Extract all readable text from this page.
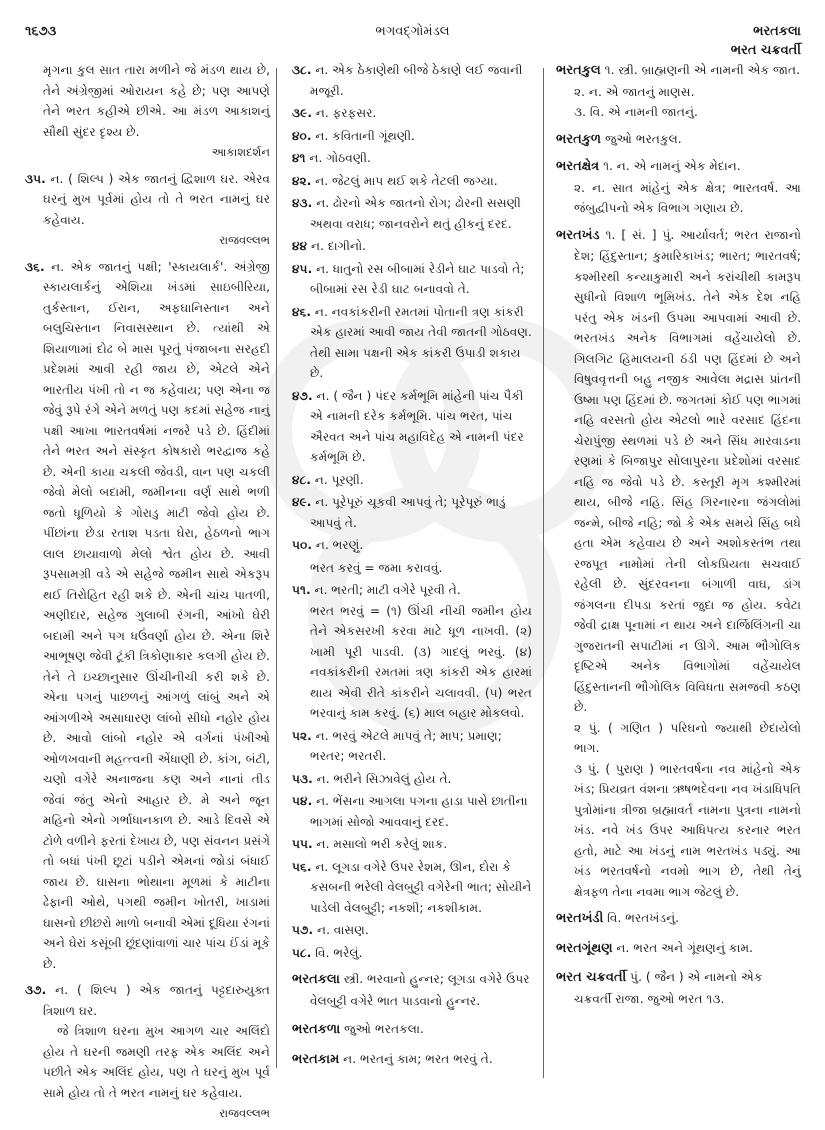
૧૬૭૩	ભગવદ્ગોમંડલ	ભરતકલા
ભરત ચક્રવર્તી

મૃગના કુલ સાત તારા મળીને જે મંડળ થાય છે, તેને અંગ્રેજીમાં ઓરાયન કહે છે; પણ આપણે તેને ભરત કહીએ છીએ. આ મંડળ આકાશનું સૌથી સુંદર દૃશ્ય છે.

આકાશદર્શન

૩૫. ન. ( શિલ્પ ) એક જાતનું દ્વિશાળ ઘર. એરવ ઘરનું મુખ પૂર્વમાં હોય તો તે ભરત નામનું ઘર કહેવાય.

રાજવલ્લભ

૩૬. ન. એક જાતનું પક્ષી; 'સ્કાયલાર્ક'. અંગ્રેજી સ્કાયલાર્કનું એશિયા ખંડમાં સાઇબીરિયા, તુર્કસ્તાન, ઈરાન, અફઘાનિસ્તાન અને બલુચિસ્તાન નિવાસસ્થાન છે. ત્યાંથી એ શિયાળામાં દોઢ બે માસ પૂરતું પંજાબના સરહદી પ્રદેશમાં આવી રહી જાય છે, એટલે એને ભારતીય પંખી તો ન જ કહેવાય; પણ એના જ જેવું રૂપે રંગે એને મળતું પણ કદમાં સહેજ નાનું પક્ષી આખા ભારતવર્ષમાં નજરે પડે છે. હિંદીમાં તેને ભરત અને સંસ્કૃત કોષકારો ભરદ્વાજ કહે છે. એની કાયા ચકલી જેવડી, વાન પણ ચકલી જેવો મેલો બદામી, જમીનના વર્ણ સાથે ભળી જતો ધૂળિયો કે ગોરાડુ માટી જેવો હોય છે. પીંછાંના છેડા રતાશ પડતા ઘેરા, હેઠળનો ભાગ લાલ છાયાવાળો મેલો શ્વેત હોય છે. આવી રૂપસામગ્રી વડે એ સહેજે જમીન સાથે એકરૂપ થઈ તિરોહિત રહી શકે છે. એની ચાંચ પાતળી, અણીદાર, સહેજ ગુલાબી રંગની, આંખો ઘેરી બદામી અને પગ ધઉંવર્ણા હોય છે. એના શિરે આભૂષણ જેવી ટૂંકી ત્રિકોણાકાર કલગી હોય છે. તેને તે ઇચ્છાનુસાર ઊંચીનીચી કરી શકે છે. એના પગનું પાછળનું આંગળું લાંબું અને એ આંગળીએ અસાધારણ લાંબો સીધો નહોર હોય છે. આવો લાંબો નહોર એ વર્ગનાં પંખીઓ ઓળખવાની મહત્ત્વની એંધાણી છે. કાંગ, બંટી, ચણો વગેરે અનાજના કણ અને નાનાં તીડ જેવાં જંતુ એનો આહાર છે. મે અને જૂન મહિનો એનો ગર્ભાધાનકાળ છે. આડે દિવસે એ ટોળે વળીને ફરતાં દેખાય છે, પણ સંવનન પ્રસંગે તો બધાં પંખી છૂટાં પડીને એમનાં જોડાં બંધાઈ જાય છે. ઘાસના ભોથાના મૂળમાં કે માટીના ઢેફાની ઓથે, પગથી જમીન ખોતરી, ખાડામાં ઘાસનો છીછરો માળો બનાવી એમાં દૂધિયા રંગનાં અને ઘેરાં કસૂંબી છૂંદણાંવાળાં ચાર પાંચ ઈંડાં મૂકે છે.

૩૭. ન. ( શિલ્પ ) એક જાતનું પટ્ટદારુયુક્ત ત્રિશાળ ઘર.

જે ત્રિશાળ ઘરના મુખ આગળ ચાર અલિંદો હોય તે ઘરની જમણી તરફ એક અલિંદ અને પછીતે એક અલિંદ હોય, પણ તે ઘરનું મુખ પૂર્વ સામે હોય તો તે ભરત નામનું ઘર કહેવાય.

રાજવલ્લભ

૩૮. ન. એક ઠેકાણેથી બીજે ઠેકાણે લઈ જવાની મજૂરી.

૩૯. ન. ફરફસર.

૪૦. ન. કવિતાની ગૂંથણી.

૪૧ ન. ગોઠવણી.

૪૨. ન. જેટલું માપ થઈ શકે તેટલી જગ્યા.

૪૩. ન. ઢોરનો એક જાતનો રોગ; ઢોરની સસણી અથવા વરાધ; જાનવરોને થતું હીકનું દરદ.

૪૪ ન. દાગીનો.

૪૫. ન. ધાતુનો રસ બીબામાં રેડીને ઘાટ પાડવો તે; બીબામાં રસ રેડી ઘાટ બનાવવો તે.

૪૬. ન. નવકાંકરીની રમતમાં પોતાની ત્રણ કાંકરી એક હારમાં આવી જાય તેવી જાતની ગોઠવણ. તેથી સામા પક્ષની એક કાંકરી ઉપાડી શકાય છે.

૪૭. ન. ( જૈન ) પંદર કર્મભૂમિ માંહેની પાંચ પૈકી એ નામની દરેક કર્મભૂમિ. પાંચ ભરત, પાંચ ઐરવત અને પાંચ મહાવિદેહ એ નામની પંદર કર્મભૂમિ છે.

૪૮. ન. પૂરણી.

૪૯. ન. પૂરેપૂરું ચૂકવી આપવું તે; પૂરેપૂરું ભાડું આપવું તે.

૫૦. ન. ભરણું.

ભરત કરવું = જમા કરાવવું.

૫૧. ન. ભરતી; માટી વગેરે પૂરવી તે.

ભરત ભરવું = (૧) ઊંચી નીચી જમીન હોય તેને એકસરખી કરવા માટે ધૂળ નાખવી. (૨) ખામી પૂરી પાડવી. (૩) ગાદલું ભરવું. (૪) નવકાંકરીની રમતમાં ત્રણ કાંકરી એક હારમાં થાય એવી રીતે કાંકરીને ચલાવવી. (૫) ભરત ભરવાનું કામ કરવું. (૬) માલ બહાર મોકલવો.

૫૨. ન. ભરવું એટલે માપવું તે; માપ; પ્રમાણ; ભરતર; ભરતરી.

૫૩. ન. ભરીને સિઝાવેલું હોય તે.

૫૪. ન. ભેંસના આગલા પગના હાડા પાસે છાતીના ભાગમાં સોજો આવવાનું દરદ.

૫૫. ન. મસાલો ભરી કરેલું શાક.

૫૬. ન. લૂગડા વગેરે ઉપર રેશમ, ઊન, દોરા કે કસબની ભરેલી વેલબુટ્ટી વગેરેની ભાત; સોયીને પાડેલી વેલબુટ્ટી; નકશી; નકશીકામ.

૫૭. ન. વાસણ.

૫૮. વિ. ભરેલું.

ભરતકલા સ્ત્રી. ભરવાનો હુન્નર; લૂગડા વગેરે ઉપર વેલબુટ્ટી વગેરે ભાત પાડવાનો હુન્નર.

ભરતકળા જુઓ ભરતકલા.

ભરતકામ ન. ભરતનું કામ; ભરત ભરવું તે.

ભરતકુલ ૧. સ્ત્રી. બ્રાહ્મણની એ નામની એક જાત.

૨. ન. એ જાતનું માણસ.

૩. વિ. એ નામની જાતનું.

ભરતકુળ જુઓ ભરતકુલ.

ભરતક્ષેત્ર ૧. ન. એ નામનું એક મેદાન.

૨. ન. સાત માંહેનું એક ક્ષેત્ર; ભારતવર્ષ. આ જંબુદ્વીપનો એક વિભાગ ગણાય છે.

ભરતખંડ ૧. [ સં. ] પું. આર્યાવર્ત; ભરત રાજાનો દેશ; હિંદુસ્તાન; કુમારિકાખંડ; ભારત; ભારતવર્ષ; કશ્મીરથી કન્યાકુમારી અને કરાંચીથી કામરૂપ સુધીનો વિશાળ ભૂમિખંડ. તેને એક દેશ નહિ પરંતુ એક ખંડની ઉપમા આપવામાં આવી છે. ભરતખંડ અનેક વિભાગમાં વહેંચાયેલો છે. ગિલગિટ હિમાલયની ઠંડી પણ હિંદમાં છે અને વિષુવવૃત્તની બહુ નજીક આવેલા મદ્રાસ પ્રાંતની ઉષ્મા પણ હિંદમાં છે. જગતમાં કોઈ પણ ભાગમાં નહિ વરસતો હોય એટલો ભારે વરસાદ હિંદના ચેરાપુંજી સ્થળમાં પડે છે અને સિંધ મારવાડના રણમાં કે બિજાપુર સોલાપુરના પ્રદેશોમાં વરસાદ નહિ જ જેવો પડે છે. કસ્તૂરી મૃગ કશ્મીરમાં થાય, બીજે નહિ. સિંહ ગિરનારના જંગલોમાં જન્મે, બીજે નહિ; જો કે એક સમયે સિંહ બધે હતા એમ કહેવાય છે અને અશોકસ્તંભ તથા રજપૂત નામોમાં તેની લોકપ્રિયતા સચવાઈ રહેલી છે. સુંદરવનના બંગાળી વાઘ, ડાંગ જંગલના દીપડા કરતાં જુદા જ હોય. કવેટા જેવી દ્રાક્ષ પૂનામાં ન થાય અને દાર્જિલિંગની ચા ગુજરાતની સપાટીમાં ન ઊગે. આમ ભૌગોલિક દૃષ્ટિએ અનેક વિભાગોમાં વહેંચાયેલ હિંદુસ્તાનની ભૌગોલિક વિવિધતા સમજવી કઠણ છે.

૨ પું. ( ગણિત ) પરિઘનો જ્યાથી છેદાયેલો ભાગ.

૩ પું. ( પુરાણ ) ભારતવર્ષના નવ માંહેનો એક ખંડ; પ્રિયવ્રત વંશના ઋષભદેવના નવ ખંડાધિપતિ પુત્રોમાંના ત્રીજા બ્રહ્માવર્ત નામના પુત્રના નામનો ખંડ. નવે ખંડ ઉપર આધિપત્ય કરનાર ભરત હતો, માટે આ ખંડનું નામ ભરતખંડ પડ્યું. આ ખંડ ભરતવર્ષનો નવમો ભાગ છે, તેથી તેનું ક્ષેત્રફળ તેના નવમા ભાગ જેટલું છે.

ભરતખંડી વિ. ભરતખંડનું.

ભરતગૂંથણ ન. ભરત અને ગૂંથણનું કામ.

ભરત ચક્રવર્તી પું. ( જૈન ) એ નામનો એક ચક્રવર્તી રાજા. જુઓ ભરત ૧૩.
